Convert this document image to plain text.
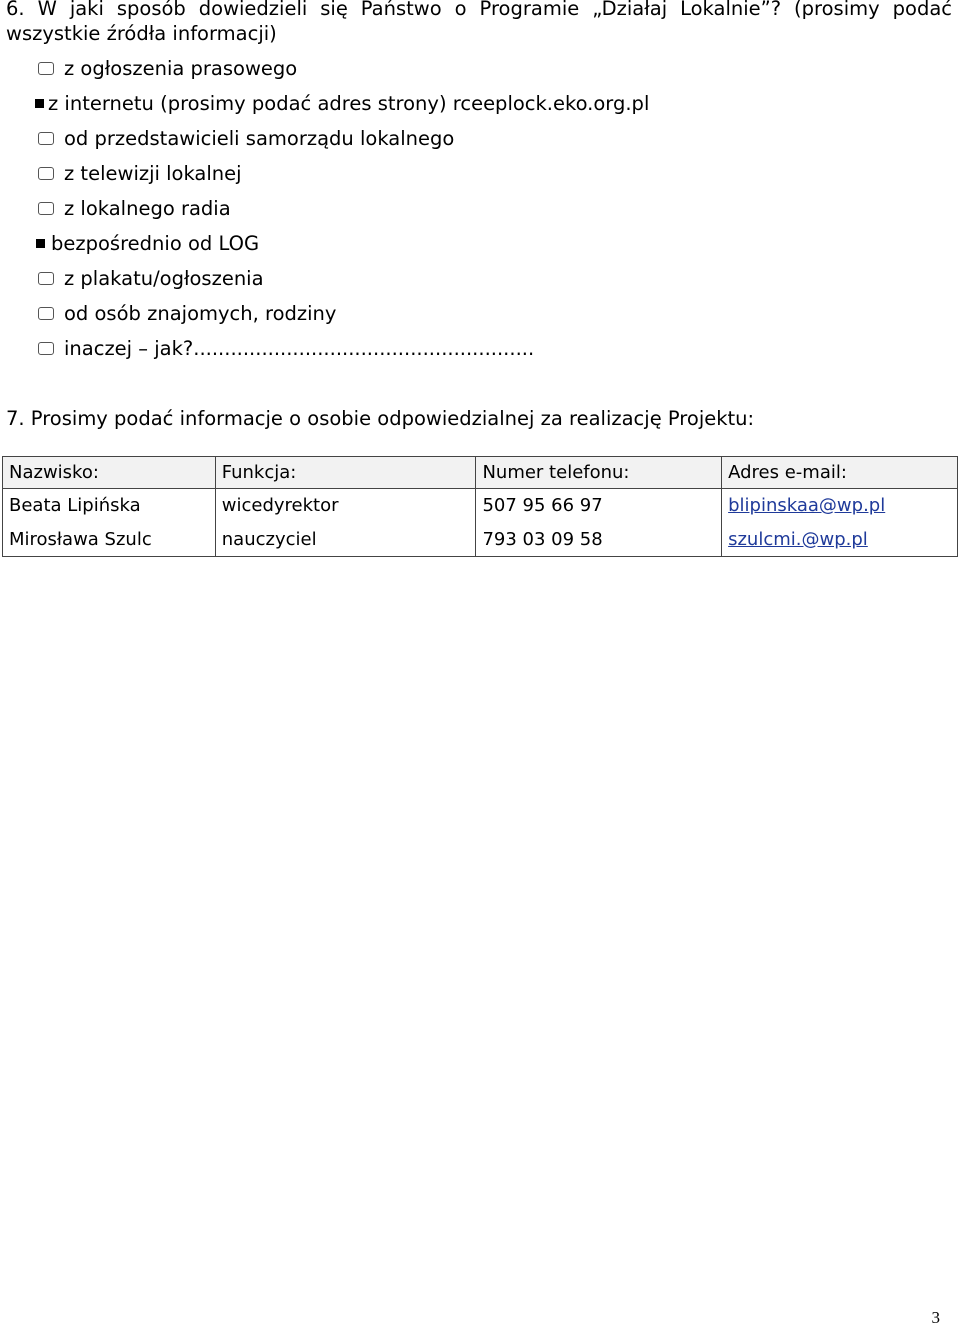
6. W jaki sposób dowiedzieli się Państwo o Programie „Działaj Lokalnie”? (prosimy podać wszystkie źródła informacji)
z ogłoszenia prasowego
z internetu (prosimy podać adres strony) rceeplock.eko.org.pl
od przedstawicieli samorządu lokalnego
z telewizji lokalnej
z lokalnego radia
bezpośrednio od LOG
z plakatu/ogłoszenia
od osób znajomych, rodziny
inaczej – jak?.......................................................
7. Prosimy podać informacje o osobie odpowiedzialnej za realizację Projektu:
Nazwisko:	Funkcja:	Numer telefonu:	Adres e-mail:
Beata Lipińska	wicedyrektor	507 95 66 97	blipinskaa@wp.pl
Mirosława Szulc	nauczyciel	793 03 09 58	szulcmi.@wp.pl
3
